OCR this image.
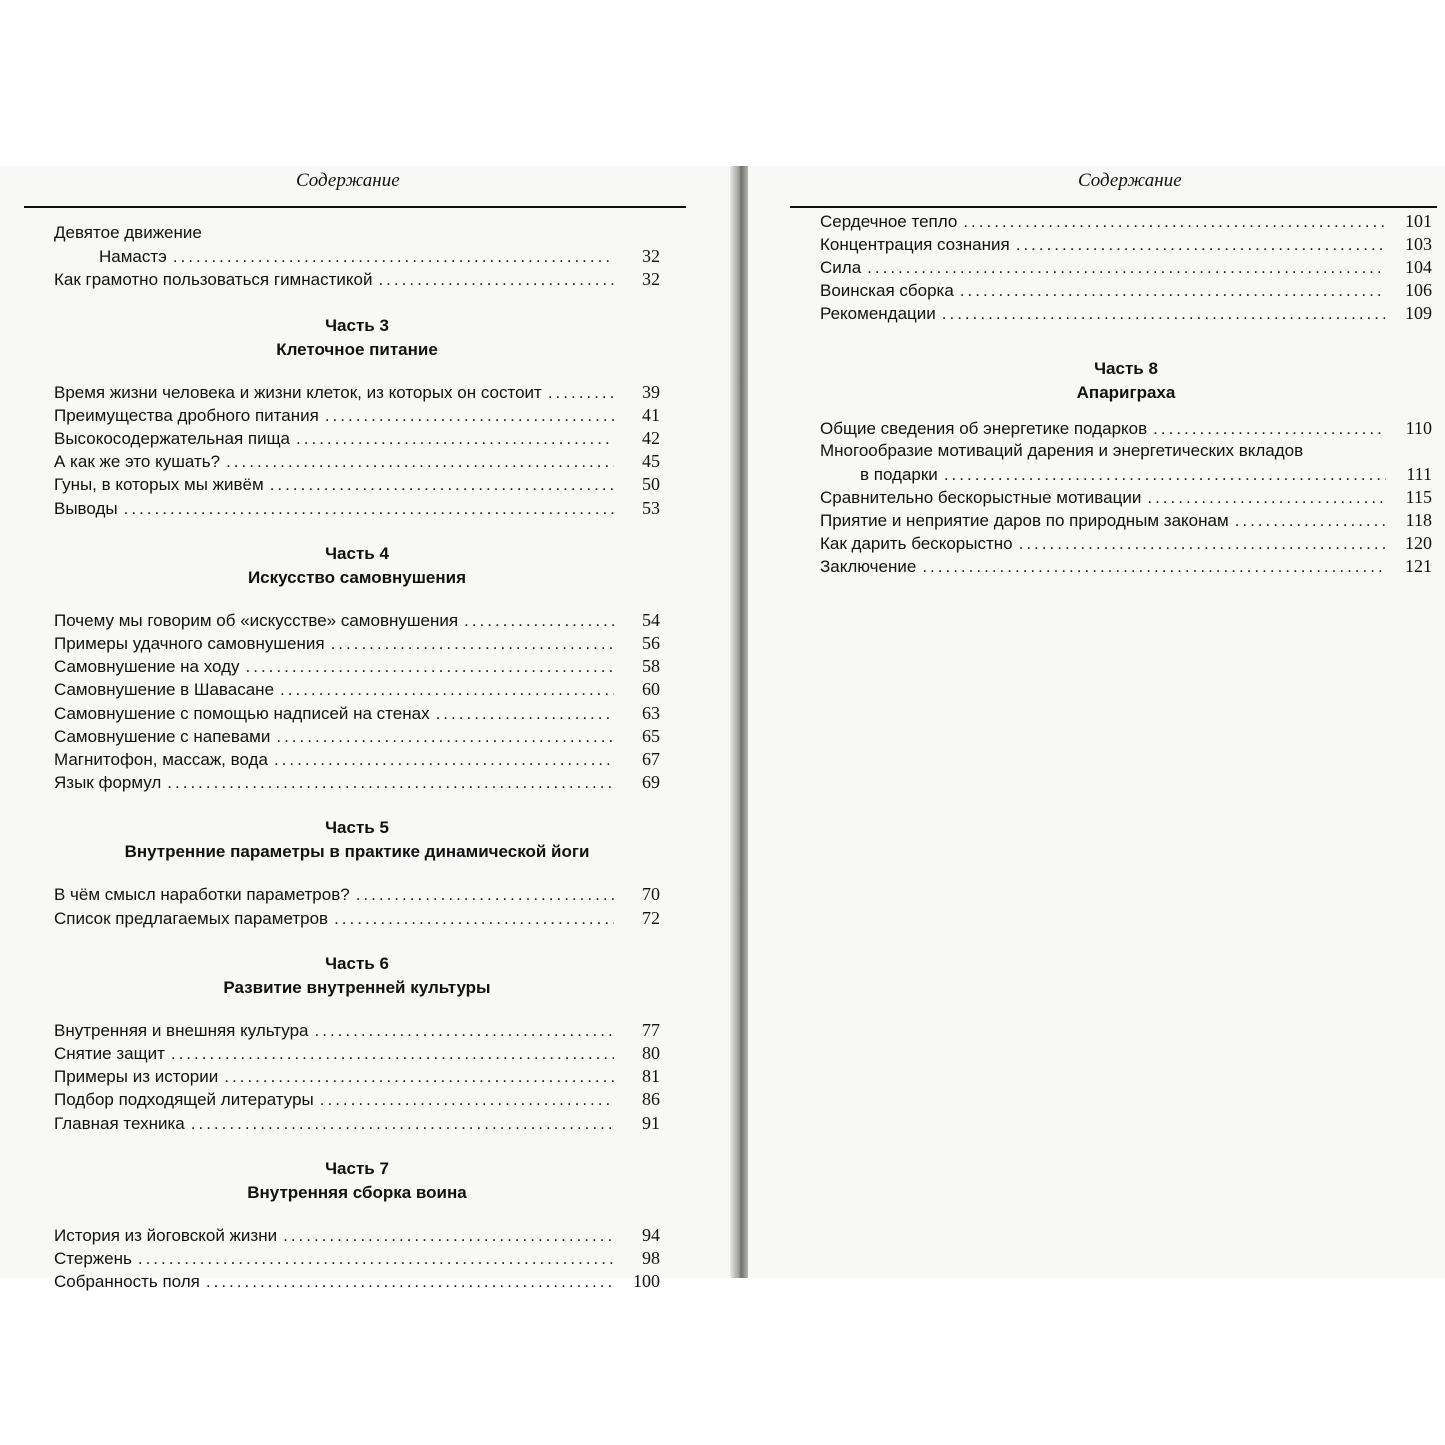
Содержание
Девятое движение
Намастэ .....	32
Как грамотно пользоваться гимнастикой .....	32
Часть 3
Клеточное питание
Время жизни человека и жизни клеток, из которых он состоит .....	39
Преимущества дробного питания .....	41
Высокосодержательная пища .....	42
А как же это кушать? .....	45
Гуны, в которых мы живём .....	50
Выводы .....	53
Часть 4
Искусство самовнушения
Почему мы говорим об «искусстве» самовнушения .....	54
Примеры удачного самовнушения .....	56
Самовнушение на ходу .....	58
Самовнушение в Шавасане .....	60
Самовнушение с помощью надписей на стенах .....	63
Самовнушение с напевами .....	65
Магнитофон, массаж, вода .....	67
Язык формул .....	69
Часть 5
Внутренние параметры в практике динамической йоги
В чём смысл наработки параметров? .....	70
Список предлагаемых параметров .....	72
Часть 6
Развитие внутренней культуры
Внутренняя и внешняя культура .....	77
Снятие защит .....	80
Примеры из истории .....	81
Подбор подходящей литературы .....	86
Главная техника .....	91
Часть 7
Внутренняя сборка воина
История из йоговской жизни .....	94
Стержень .....	98
Собранность поля .....	100
Содержание
Сердечное тепло .....	101
Концентрация сознания .....	103
Сила .....	104
Воинская сборка .....	106
Рекомендации .....	109
Часть 8
Апариграха
Общие сведения об энергетике подарков .....	110
Многообразие мотиваций дарения и энергетических вкладов
в подарки .....	111
Сравнительно бескорыстные мотивации .....	115
Приятие и неприятие даров по природным законам .....	118
Как дарить бескорыстно .....	120
Заключение .....	121
